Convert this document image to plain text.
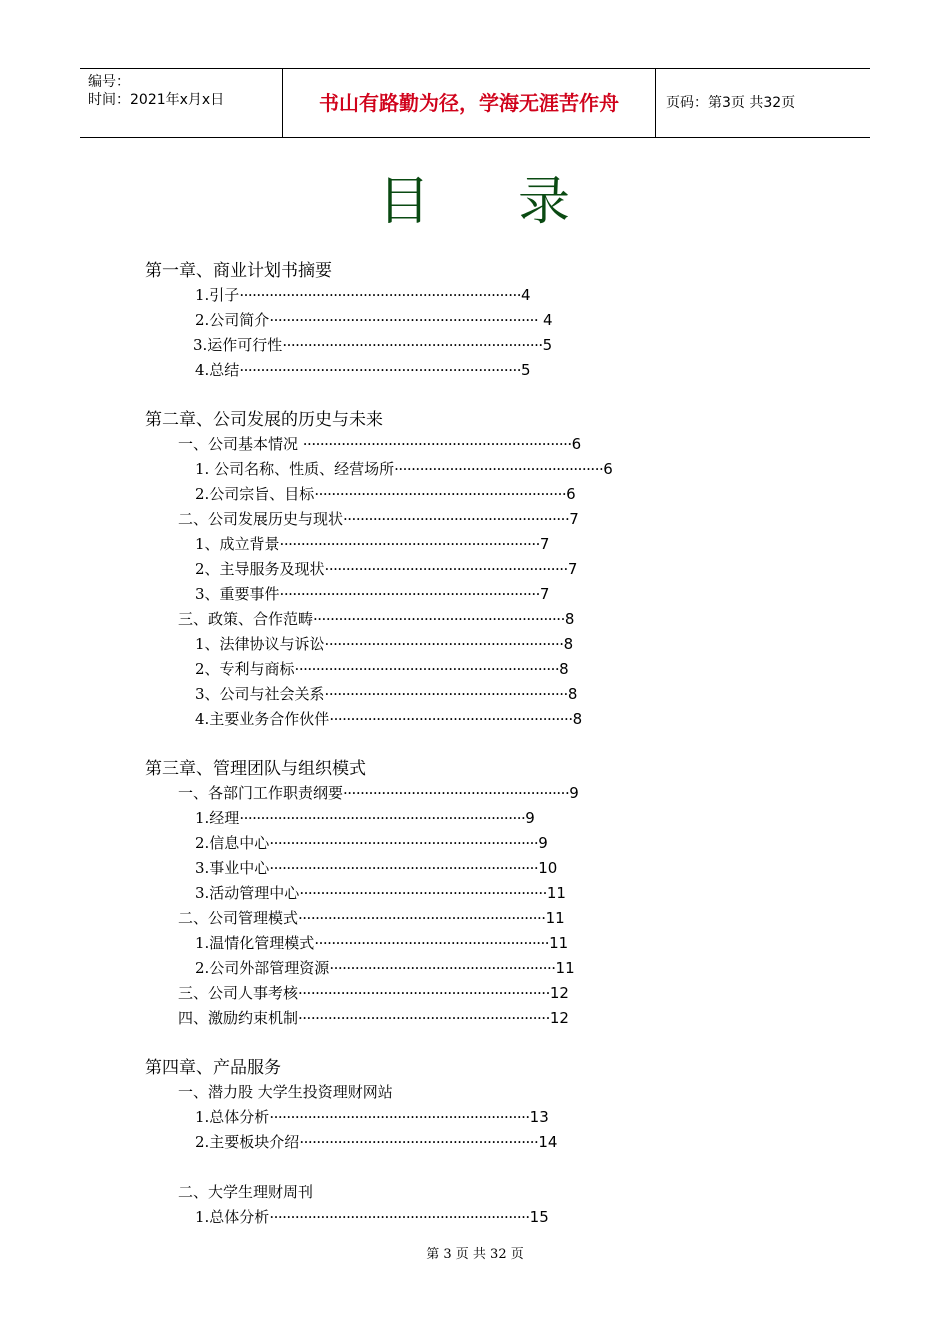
编号：
时间：2021年x月x日	书山有路勤为径，学海无涯苦作舟	页码：第3页 共32页
目 录
第一章、商业计划书摘要
1.引子··································································4
2.公司简介······························································· 4
3.运作可行性·····························································5
4.总结··································································5
第二章、公司发展的历史与未来
一、公司基本情况 ·······························································6
1. 公司名称、性质、经营场所·················································6
2.公司宗旨、目标···························································6
二、公司发展历史与现状·····················································7
1、成立背景·····························································7
2、主导服务及现状·························································7
3、重要事件·····························································7
三、政策、合作范畴···························································8
1、法律协议与诉讼························································8
2、专利与商标······························································8
3、公司与社会关系·························································8
4.主要业务合作伙伴·························································8
第三章、管理团队与组织模式
一、各部门工作职责纲要·····················································9
1.经理···································································9
2.信息中心·······························································9
3.事业中心·······························································10
3.活动管理中心··························································11
二、公司管理模式··························································11
1.温情化管理模式·······················································11
2.公司外部管理资源·····················································11
三、公司人事考核···························································12
四、激励约束机制···························································12
第四章、产品服务
一、潜力股 大学生投资理财网站
1.总体分析·····························································13
2.主要板块介绍························································14
二、大学生理财周刊
1.总体分析·····························································15
第 3 页 共 32 页
